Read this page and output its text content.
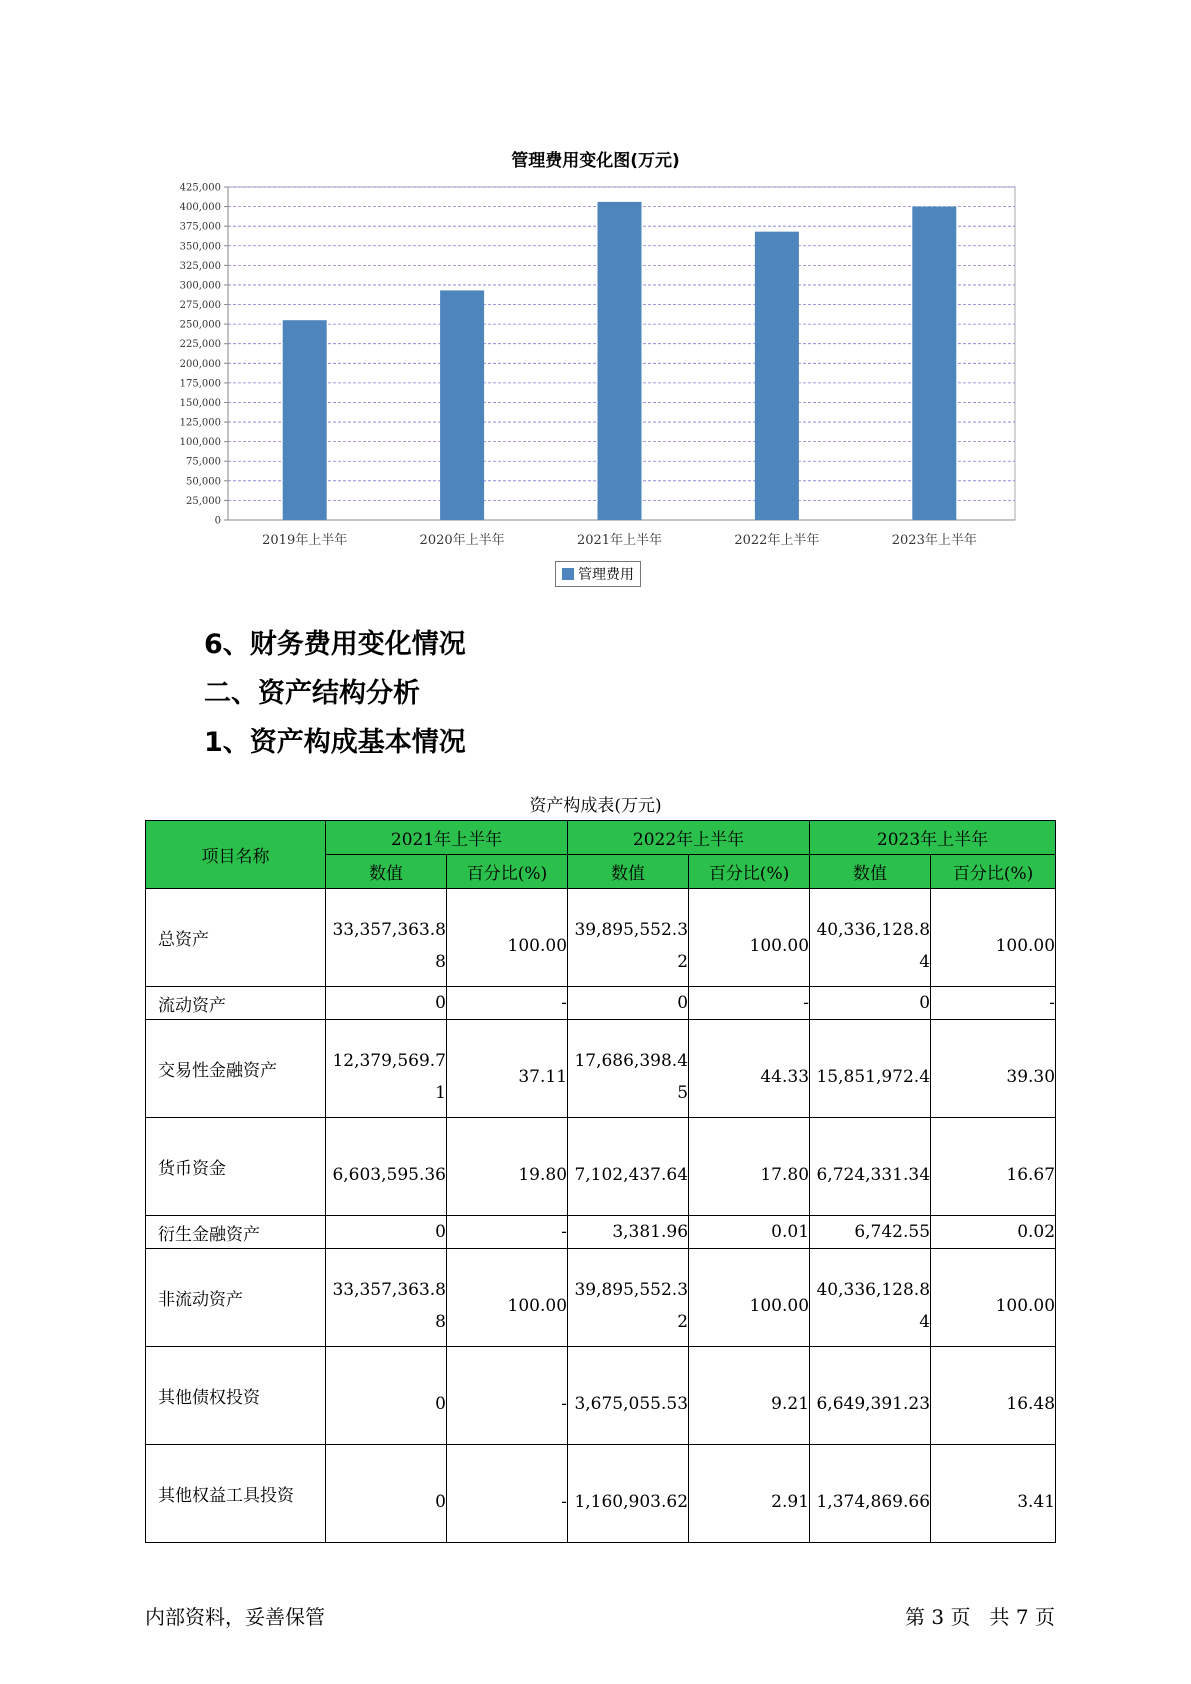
管理费用变化图(万元)
0
25,000
50,000
75,000
100,000
125,000
150,000
175,000
200,000
225,000
250,000
275,000
300,000
325,000
350,000
375,000
400,000
425,000
2019年上半年	2020年上半年	2021年上半年	2022年上半年	2023年上半年
管理费用
6、财务费用变化情况
二、资产结构分析
1、资产构成基本情况
资产构成表(万元)
项目名称	2021年上半年		2022年上半年		2023年上半年	
	数值	百分比(%)	数值	百分比(%)	数值	百分比(%)
总资产	33,357,363.88	100.00	39,895,552.32	100.00	40,336,128.84	100.00

流动资产	0	-	0	-	0	-

交易性金融资产	12,379,569.71	37.11	17,686,398.45	44.33	15,851,972.4	39.30

货币资金	6,603,595.36	19.80	7,102,437.64	17.80	6,724,331.34	16.67

衍生金融资产	0	-	3,381.96	0.01	6,742.55	0.02

非流动资产	33,357,363.88	100.00	39,895,552.32	100.00	40,336,128.84	100.00

其他债权投资	0	-	3,675,055.53	9.21	6,649,391.23	16.48

其他权益工具投资	0	-	1,160,903.62	2.91	1,374,869.66	3.41
内部资料，妥善保管	第 3 页   共 7 页
